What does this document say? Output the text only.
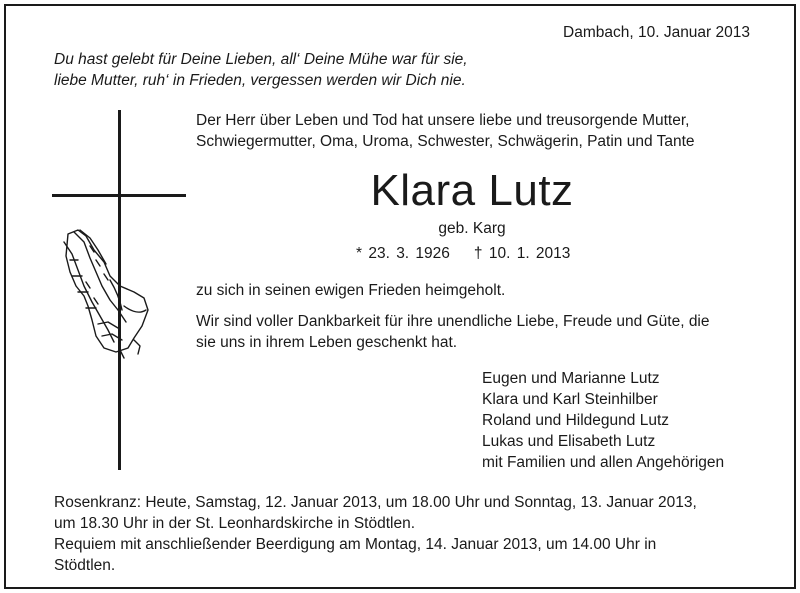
Dambach, 10. Januar 2013

Du hast gelebt für Deine Lieben, all‘ Deine Mühe war für sie,
liebe Mutter, ruh‘ in Frieden, vergessen werden wir Dich nie.
Der Herr über Leben und Tod hat unsere liebe und treusorgende Mutter,
Schwiegermutter, Oma, Uroma, Schwester, Schwägerin, Patin und Tante
Klara Lutz

geb. Karg

* 23. 3. 1926 † 10. 1. 2013

zu sich in seinen ewigen Frieden heimgeholt.

Wir sind voller Dankbarkeit für ihre unendliche Liebe, Freude und Güte, die
sie uns in ihrem Leben geschenkt hat.
Eugen und Marianne Lutz
Klara und Karl Steinhilber
Roland und Hildegund Lutz
Lukas und Elisabeth Lutz
mit Familien und allen Angehörigen
Rosenkranz: Heute, Samstag, 12. Januar 2013, um 18.00 Uhr und Sonntag, 13. Januar 2013,
um 18.30 Uhr in der St. Leonhardskirche in Stödtlen.
Requiem mit anschließender Beerdigung am Montag, 14. Januar 2013, um 14.00 Uhr in
Stödtlen.
